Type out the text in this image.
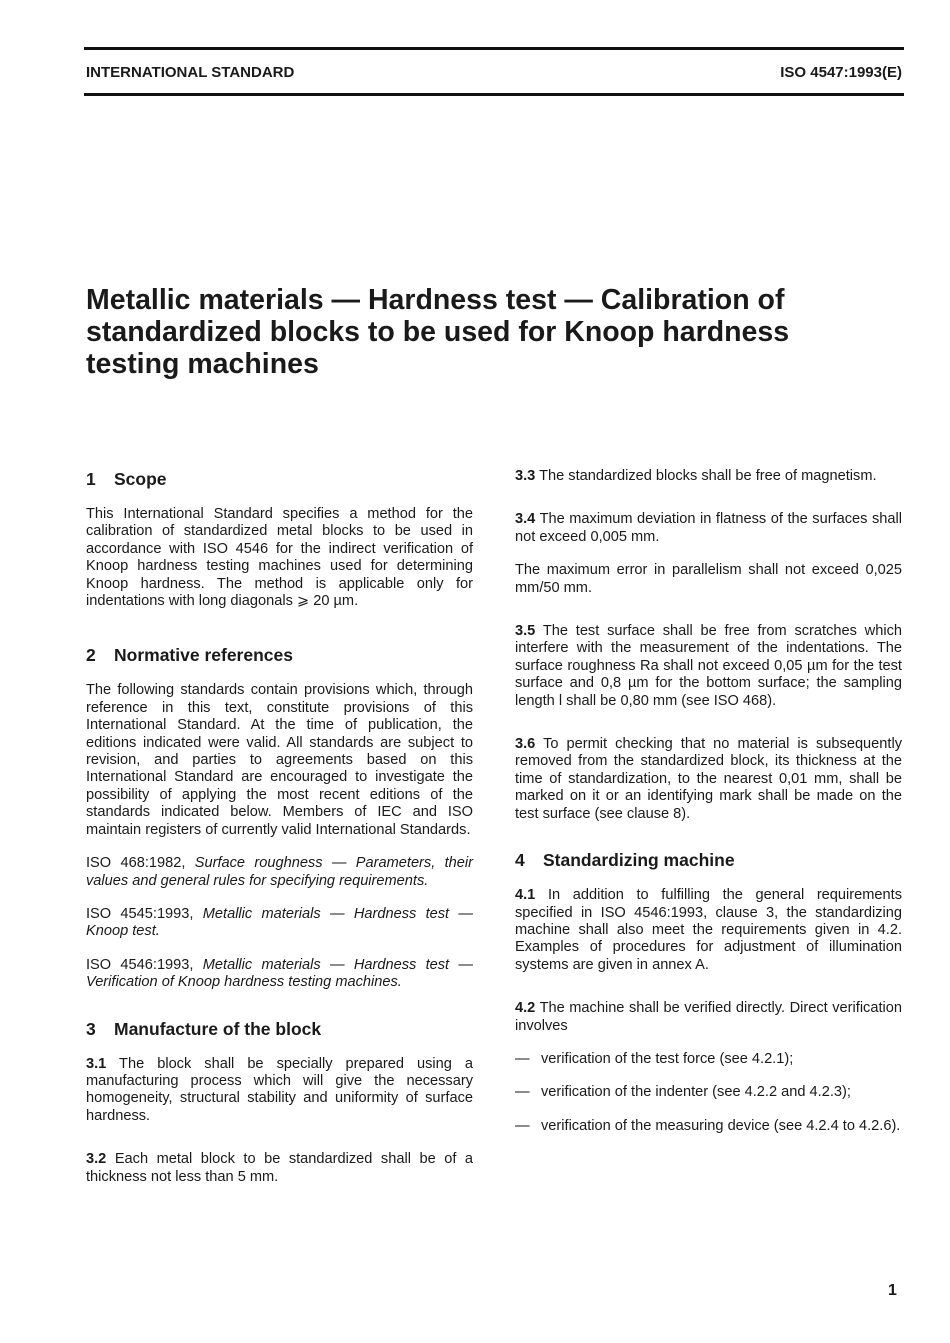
INTERNATIONAL STANDARD	ISO 4547:1993(E)
Metallic materials — Hardness test — Calibration of standardized blocks to be used for Knoop hardness testing machines
1 Scope

This International Standard specifies a method for the calibration of standardized metal blocks to be used in accordance with ISO 4546 for the indirect verification of Knoop hardness testing machines used for determining Knoop hardness. The method is applicable only for indentations with long diagonals ⩾ 20 µm.

2 Normative references

The following standards contain provisions which, through reference in this text, constitute provisions of this International Standard. At the time of publication, the editions indicated were valid. All standards are subject to revision, and parties to agreements based on this International Standard are encouraged to investigate the possibility of applying the most recent editions of the standards indicated below. Members of IEC and ISO maintain registers of currently valid International Standards.

ISO 468:1982, Surface roughness — Parameters, their values and general rules for specifying requirements.

ISO 4545:1993, Metallic materials — Hardness test — Knoop test.

ISO 4546:1993, Metallic materials — Hardness test — Verification of Knoop hardness testing machines.

3 Manufacture of the block

3.1 The block shall be specially prepared using a manufacturing process which will give the necessary homogeneity, structural stability and uniformity of surface hardness.

3.2 Each metal block to be standardized shall be of a thickness not less than 5 mm.

3.3 The standardized blocks shall be free of magnetism.

3.4 The maximum deviation in flatness of the surfaces shall not exceed 0,005 mm.

The maximum error in parallelism shall not exceed 0,025 mm/50 mm.

3.5 The test surface shall be free from scratches which interfere with the measurement of the indentations. The surface roughness Ra shall not exceed 0,05 µm for the test surface and 0,8 µm for the bottom surface; the sampling length l shall be 0,80 mm (see ISO 468).

3.6 To permit checking that no material is subsequently removed from the standardized block, its thickness at the time of standardization, to the nearest 0,01 mm, shall be marked on it or an identifying mark shall be made on the test surface (see clause 8).

4 Standardizing machine

4.1 In addition to fulfilling the general requirements specified in ISO 4546:1993, clause 3, the standardizing machine shall also meet the requirements given in 4.2. Examples of procedures for adjustment of illumination systems are given in annex A.

4.2 The machine shall be verified directly. Direct verification involves

— verification of the test force (see 4.2.1);
— verification of the indenter (see 4.2.2 and 4.2.3);
— verification of the measuring device (see 4.2.4 to 4.2.6).
1
